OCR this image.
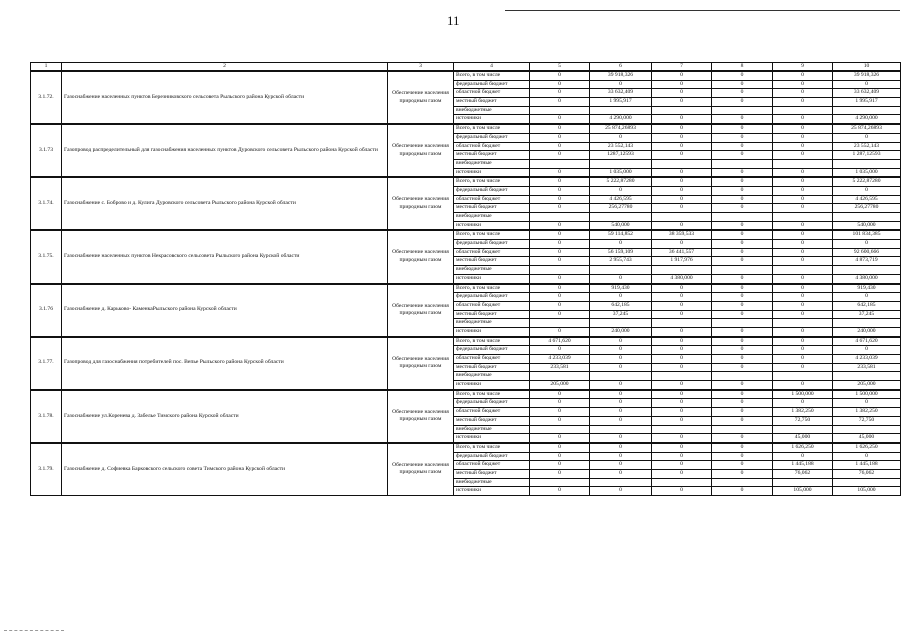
11
1	2	3	4	5	6	7	8	9	10
3.1.72.	Газоснабжение населенных пунктов Березниковского сельсовета Рыльского района Курской области	Обеспечение населения природным газом	Всего, в том числе	0	39 918,326	0	0	0	39 918,326
			федеральный бюджет	0	0	0	0	0	0
			областной бюджет	0	33 632,409	0	0	0	33 632,409
			местный бюджет	0	1 995,917	0	0	0	1 995,917
			внебюджетные						
			источники	0	4 290,000	0	0	0	4 290,000
3.1.73	Газопровод распределительный для газоснабжения населенных пунктов Дуровского сельсовета Рыльского района Курской области	Обеспечение населения природным газом	Всего, в том числе	0	25 874,26893	0	0	0	25 874,26893
			федеральный бюджет	0	0	0	0	0	0
			областной бюджет	0	23 552,143	0	0	0	23 552,143
			местный бюджет	0	1287,12593	0	0	0	1 287,12593
			внебюджетные						
			источники	0	1 035,000	0	0	0	1 035,000
3.1.74.	Газоснабжение с. Боброво и д. Кулига Дуровского сельсовета Рыльского района Курской области	Обеспечение населения природным газом	Всего, в том числе	0	5 222,87280	0	0	0	5 222,87280
			федеральный бюджет	0	0	0	0	0	0
			областной бюджет	0	4 426,595	0	0	0	4 426,595
			местный бюджет	0	256,27780	0	0	0	256,27780
			внебюджетные						
			источники	0	540,000	0	0	0	540,000
3.1.75.	Газоснабжение населенных пунктов Некрасовского сельсовета Рыльского района Курской области	Обеспечение населения природным газом	Всего, в том числе	0	59 114,852	38 359,533	0	0	101 834,385
			федеральный бюджет	0	0	0	0	0	0
			областной бюджет	0	56 159,109	36 441,557	0	0	92 600,666
			местный бюджет	0	2 955,743	1 917,976	0	0	4 873,719
			внебюджетные						
			источники	0	0	4 380,000	0	0	4 380,000
3.1.76	Газоснабжение д. Карьково- КаменкаРыльского района Курской области	Обеспечение населения природным газом	Всего, в том числе	0	919,430	0	0	0	919,430
			федеральный бюджет	0	0	0	0	0	0
			областной бюджет	0	642,185	0	0	0	642,185
			местный бюджет	0	37,245	0	0	0	37,245
			внебюджетные						
			источники	0	240,000	0	0	0	240,000
3.1.77.	Газопровод для газоснабжения потребителей пос. Вепье Рыльского района Курской области	Обеспечение населения природным газом	Всего, в том числе	4 671,620	0	0	0	0	4 671,620
			федеральный бюджет	0	0	0	0	0	0
			областной бюджет	4 233,039	0	0	0	0	4 233,039
			местный бюджет	233,581	0	0	0	0	233,581
			внебюджетные						
			источники	205,000	0	0	0	0	205,000
3.1.78.	Газоснабжение ул.Коренева д. Забелье Тимского района Курской области	Обеспечение населения природным газом	Всего, в том числе	0	0	0	0	1 500,000	1 500,000
			федеральный бюджет	0	0	0	0	0	0
			областной бюджет	0	0	0	0	1 382,250	1 382,250
			местный бюджет	0	0	0	0	72,750	72,750
			внебюджетные						
			источники	0	0	0	0	45,000	45,000
3.1.79.	Газоснабжение д. Софиевка Барковского сельского совета Тимского района Курской области	Обеспечение населения природным газом	Всего, в том числе	0	0	0	0	1 626,250	1 626,250
			федеральный бюджет	0	0	0	0	0	0
			областной бюджет	0	0	0	0	1 445,188	1 445,188
			местный бюджет	0	0	0	0	76,062	76,062
			внебюджетные						
			источники	0	0	0	0	105,000	105,000
